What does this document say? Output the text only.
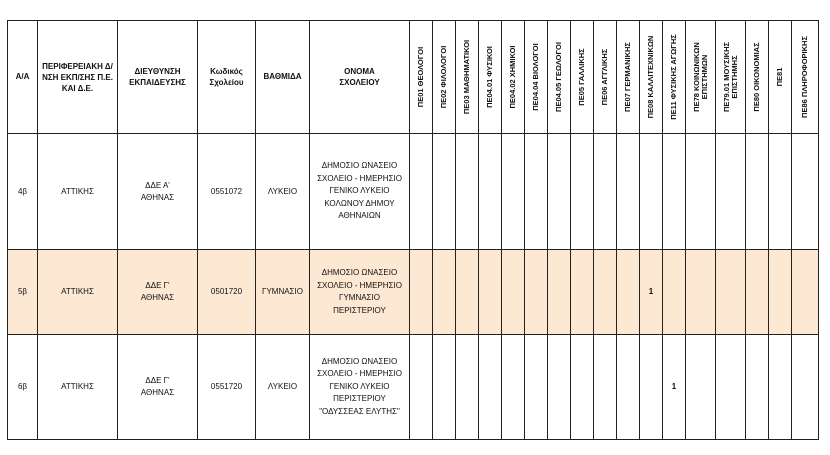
Α/Α	ΠΕΡΙΦΕΡΕΙΑΚΗ Δ/ΝΣΗ ΕΚΠ/ΣΗΣ Π.Ε. ΚΑΙ Δ.Ε.	ΔΙΕΥΘΥΝΣΗ ΕΚΠΑΙΔΕΥΣΗΣ	Κωδικός Σχολείου	ΒΑΘΜΙΔΑ	ΟΝΟΜΑ ΣΧΟΛΕΙΟΥ	ΠΕ01 ΘΕΟΛΟΓΟΙ	ΠΕ02 ΦΙΛΟΛΟΓΟΙ	ΠΕ03 ΜΑΘΗΜΑΤΙΚΟΙ	ΠΕ04.01 ΦΥΣΙΚΟΙ	ΠΕ04.02 ΧΗΜΙΚΟΙ	ΠΕ04.04 ΒΙΟΛΟΓΟΙ	ΠΕ04.05 ΓΕΩΛΟΓΟΙ	ΠΕ05 ΓΑΛΛΙΚΗΣ	ΠΕ06 ΑΓΓΛΙΚΗΣ	ΠΕ07 ΓΕΡΜΑΝΙΚΗΣ	ΠΕ08 ΚΑΛΛΙΤΕΧΝΙΚΩΝ	ΠΕ11 ΦΥΣΙΚΗΣ ΑΓΩΓΗΣ	ΠΕ78 ΚΟΙΝΩΝΙΚΩΝ ΕΠΙΣΤΗΜΩΝ	ΠΕ79.01 ΜΟΥΣΙΚΗΣ ΕΠΙΣΤΗΜΗΣ	ΠΕ80 ΟΙΚΟΝΟΜΙΑΣ	ΠΕ81	ΠΕ86 ΠΛΗΡΟΦΟΡΙΚΗΣ

4β	ΑΤΤΙΚΗΣ	ΔΔΕ Α' ΑΘΗΝΑΣ	0551072	ΛΥΚΕΙΟ	ΔΗΜΟΣΙΟ ΩΝΑΣΕΙΟ ΣΧΟΛΕΙΟ - ΗΜΕΡΗΣΙΟ ΓΕΝΙΚΟ ΛΥΚΕΙΟ ΚΟΛΩΝΟΥ ΔΗΜΟΥ ΑΘΗΝΑΙΩΝ																	
5β	ΑΤΤΙΚΗΣ	ΔΔΕ Γ' ΑΘΗΝΑΣ	0501720	ΓΥΜΝΑΣΙΟ	ΔΗΜΟΣΙΟ ΩΝΑΣΕΙΟ ΣΧΟΛΕΙΟ - ΗΜΕΡΗΣΙΟ ΓΥΜΝΑΣΙΟ ΠΕΡΙΣΤΕΡΙΟΥ											1						
6β	ΑΤΤΙΚΗΣ	ΔΔΕ Γ' ΑΘΗΝΑΣ	0551720	ΛΥΚΕΙΟ	ΔΗΜΟΣΙΟ ΩΝΑΣΕΙΟ ΣΧΟΛΕΙΟ - ΗΜΕΡΗΣΙΟ ΓΕΝΙΚΟ ΛΥΚΕΙΟ ΠΕΡΙΣΤΕΡΙΟΥ "ΟΔΥΣΣΕΑΣ ΕΛΥΤΗΣ"												1					
